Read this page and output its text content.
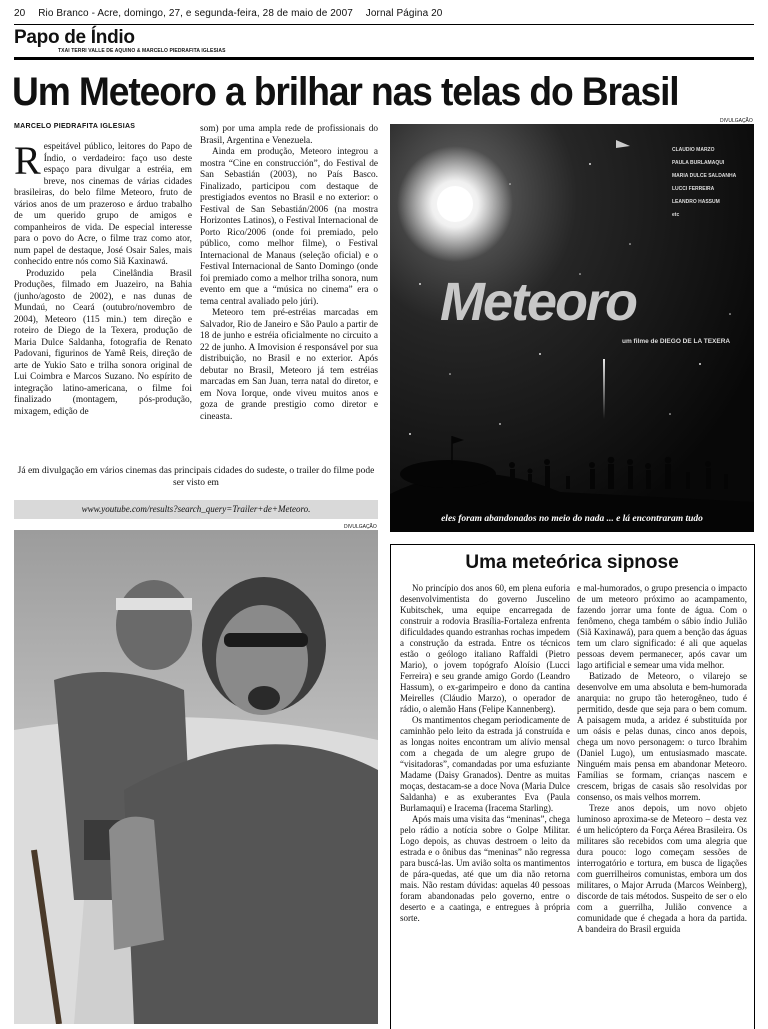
20 Rio Branco - Acre, domingo, 27, e segunda-feira, 28 de maio de 2007 Jornal Página 20
Papo de Índio
TXAI TERRI VALLE DE AQUINO & MARCELO PIEDRAFITA IGLESIAS
Um Meteoro a brilhar nas telas do Brasil
MARCELO PIEDRAFITA IGLESIAS

Respeitável público, leitores do Papo de Índio, o verdadeiro: faço uso deste espaço para divulgar a estréia, em breve, nos cinemas de várias cidades brasileiras, do belo filme Meteoro, fruto de vários anos de um prazeroso e árduo trabalho de um querido grupo de amigos e companheiros de vida. De especial interesse para o povo do Acre, o filme traz como ator, num papel de destaque, José Osair Sales, mais conhecido entre nós como Siã Kaxinawá.

Produzido pela Cinelândia Brasil Produções, filmado em Juazeiro, na Bahia (junho/agosto de 2002), e nas dunas de Mundaú, no Ceará (outubro/novembro de 2004), Meteoro (115 min.) tem direção e roteiro de Diego de la Texera, produção de Maria Dulce Saldanha, fotografia de Renato Padovani, figurinos de Yamê Reis, direção de arte de Yukio Sato e trilha sonora original de Lui Coimbra e Marcos Suzano. No espírito de integração latino-americana, o filme foi finalizado (montagem, pós-produção, mixagem, edição de

som) por uma ampla rede de profissionais do Brasil, Argentina e Venezuela.

Ainda em produção, Meteoro integrou a mostra “Cine en construcción”, do Festival de San Sebastián (2003), no País Basco. Finalizado, participou com destaque de prestigiados eventos no Brasil e no exterior: o Festival de San Sebastián/2006 (na mostra Horizontes Latinos), o Festival Internacional de Porto Rico/2006 (onde foi premiado, pelo público, como melhor filme), o Festival Internacional de Manaus (seleção oficial) e o Festival Internacional de Santo Domingo (onde foi premiado como a melhor trilha sonora, num evento em que a “música no cinema” era o tema central avaliado pelo júri).

Meteoro tem pré-estréias marcadas em Salvador, Rio de Janeiro e São Paulo a partir de 18 de junho e estréia oficialmente no circuito a 22 de junho. A Imovision é responsável por sua distribuição, no Brasil e no exterior. Após debutar no Brasil, Meteoro já tem estréias marcadas em San Juan, terra natal do diretor, e em Nova Iorque, onde viveu muitos anos e goza de grande prestigio como diretor e cineasta.

Já em divulgação em vários cinemas das principais cidades do sudeste, o trailer do filme pode ser visto em
www.youtube.com/results?search_query=Trailer+de+Meteoro.
DIVULGAÇÃO
Meteoro
CLAUDIO MARZO
PAULA BURLAMAQUI
MARIA DULCE SALDANHA
LUCCI FERREIRA
LEANDRO HASSUM
etc
um filme de DIEGO DE LA TEXERA
eles foram abandonados no meio do nada ... e lá encontraram tudo
DIVULGAÇÃO
Uma meteórica sipnose

No princípio dos anos 60, em plena euforia desenvolvimentista do governo Juscelino Kubitschek, uma equipe encarregada de construir a rodovia Brasília-Fortaleza enfrenta dificuldades quando estranhas rochas impedem a construção da estrada. Entre os técnicos estão o geólogo italiano Raffaldi (Pietro Mario), o jovem topógrafo Aloísio (Lucci Ferreira) e seu grande amigo Gordo (Leandro Hassum), o ex-garimpeiro e dono da cantina Meirelles (Cláudio Marzo), o operador de rádio, o alemão Hans (Felipe Kannenberg).

Os mantimentos chegam periodicamente de caminhão pelo leito da estrada já construída e as longas noites encontram um alívio mensal com a chegada de um alegre grupo de “visitadoras”, comandadas por uma esfuziante Madame (Daisy Granados). Dentre as muitas moças, destacam-se a doce Nova (Maria Dulce Saldanha) e as exuberantes Eva (Paula Burlamaqui) e Iracema (Iracema Starling).

Após mais uma visita das “meninas”, chega pelo rádio a notícia sobre o Golpe Militar. Logo depois, as chuvas destroem o leito da estrada e o ônibus das “meninas” não regressa para buscá-las. Um avião solta os mantimentos de pára-quedas, até que um dia não retorna mais. Não restam dúvidas: aquelas 40 pessoas foram abandonadas pelo governo, entre o deserto e a caatinga, e entregues à própria sorte.

e mal-humorados, o grupo presencia o impacto de um meteoro próximo ao acampamento, fazendo jorrar uma fonte de água. Com o fenômeno, chega também o sábio índio Julião (Siã Kaxinawá), para quem a benção das águas tem um claro significado: é ali que aquelas pessoas devem permanecer, após cavar um lago artificial e semear uma vida melhor.

Batizado de Meteoro, o vilarejo se desenvolve em uma absoluta e bem-humorada anarquia: no grupo tão heterogêneo, tudo é permitido, desde que seja para o bem comum. A paisagem muda, a aridez é substituída por um oásis e pelas dunas, cinco anos depois, chega um novo personagem: o turco Ibrahim (Daniel Lugo), um entusiasmado mascate. Ninguém mais pensa em abandonar Meteoro. Famílias se formam, crianças nascem e crescem, brigas de casais são resolvidas por consenso, os mais velhos morrem.

Treze anos depois, um novo objeto luminoso aproxima-se de Meteoro – desta vez é um helicóptero da Força Aérea Brasileira. Os militares são recebidos com uma alegria que dura pouco: logo começam sessões de interrogatório e tortura, em busca de ligações com guerrilheiros comunistas, embora um dos militares, o Major Arruda (Marcos Weinberg), discorde de tais métodos. Suspeito de ser o elo com a guerrilha, Julião convence a comunidade que é chegada a hora da partida. A bandeira do Brasil erguida
